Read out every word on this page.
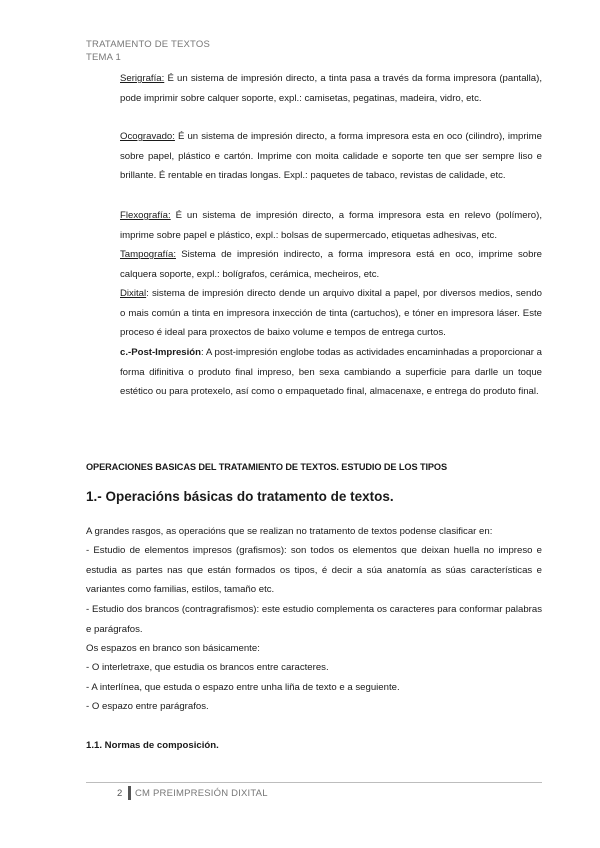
TRATAMENTO DE TEXTOS
TEMA 1
Serigrafía: É un sistema de impresión directo, a tinta pasa a través da forma impresora (pantalla), pode imprimir sobre calquer soporte, expl.: camisetas, pegatinas, madeira, vidro, etc.
Ocogravado: É un sistema de impresión directo, a forma impresora esta en oco (cilindro), imprime sobre papel, plástico e cartón. Imprime con moita calidade e soporte ten que ser sempre liso e brillante. É rentable en tiradas longas. Expl.: paquetes de tabaco, revistas de calidade, etc.
Flexografía: É un sistema de impresión directo, a forma impresora esta en relevo (polímero), imprime sobre papel e plástico, expl.: bolsas de supermercado, etiquetas adhesivas, etc.
Tampografía: Sistema de impresión indirecto, a forma impresora está en oco, imprime sobre calquera soporte, expl.: bolígrafos, cerámica, mecheiros, etc.
Dixital: sistema de impresión directo dende un arquivo dixital a papel, por diversos medios, sendo o mais común a tinta en impresora inxección de tinta (cartuchos), e tóner en impresora láser. Este proceso é ideal para proxectos de baixo volume e tempos de entrega curtos.
c.-Post-Impresión: A post-impresión englobe todas as actividades encaminhadas a proporcionar a forma difinitiva o produto final impreso, ben sexa cambiando a superficie para darlle un toque estético ou para protexelo, así como o empaquetado final, almacenaxe, e entrega do produto final.
OPERACIONES BASICAS DEL TRATAMIENTO DE TEXTOS. ESTUDIO DE LOS TIPOS
1.- Operacións básicas do tratamento de textos.
A grandes rasgos, as operacións que se realizan no tratamento de textos podense clasificar en:
- Estudio de elementos impresos (grafismos): son todos os elementos que deixan huella no impreso e estudia as partes nas que están formados os tipos, é decir a súa anatomía as súas características e variantes como familias, estilos, tamaño etc.
- Estudio dos brancos (contragrafismos): este estudio complementa os caracteres para conformar palabras e parágrafos.
Os espazos en branco son básicamente:
- O interletraxe, que estudia os brancos entre caracteres.
- A interlínea, que estuda o espazo entre unha liña de texto e a seguiente.
- O espazo entre parágrafos.
1.1. Normas de composición.
2 CM PREIMPRESIÓN DIXITAL
